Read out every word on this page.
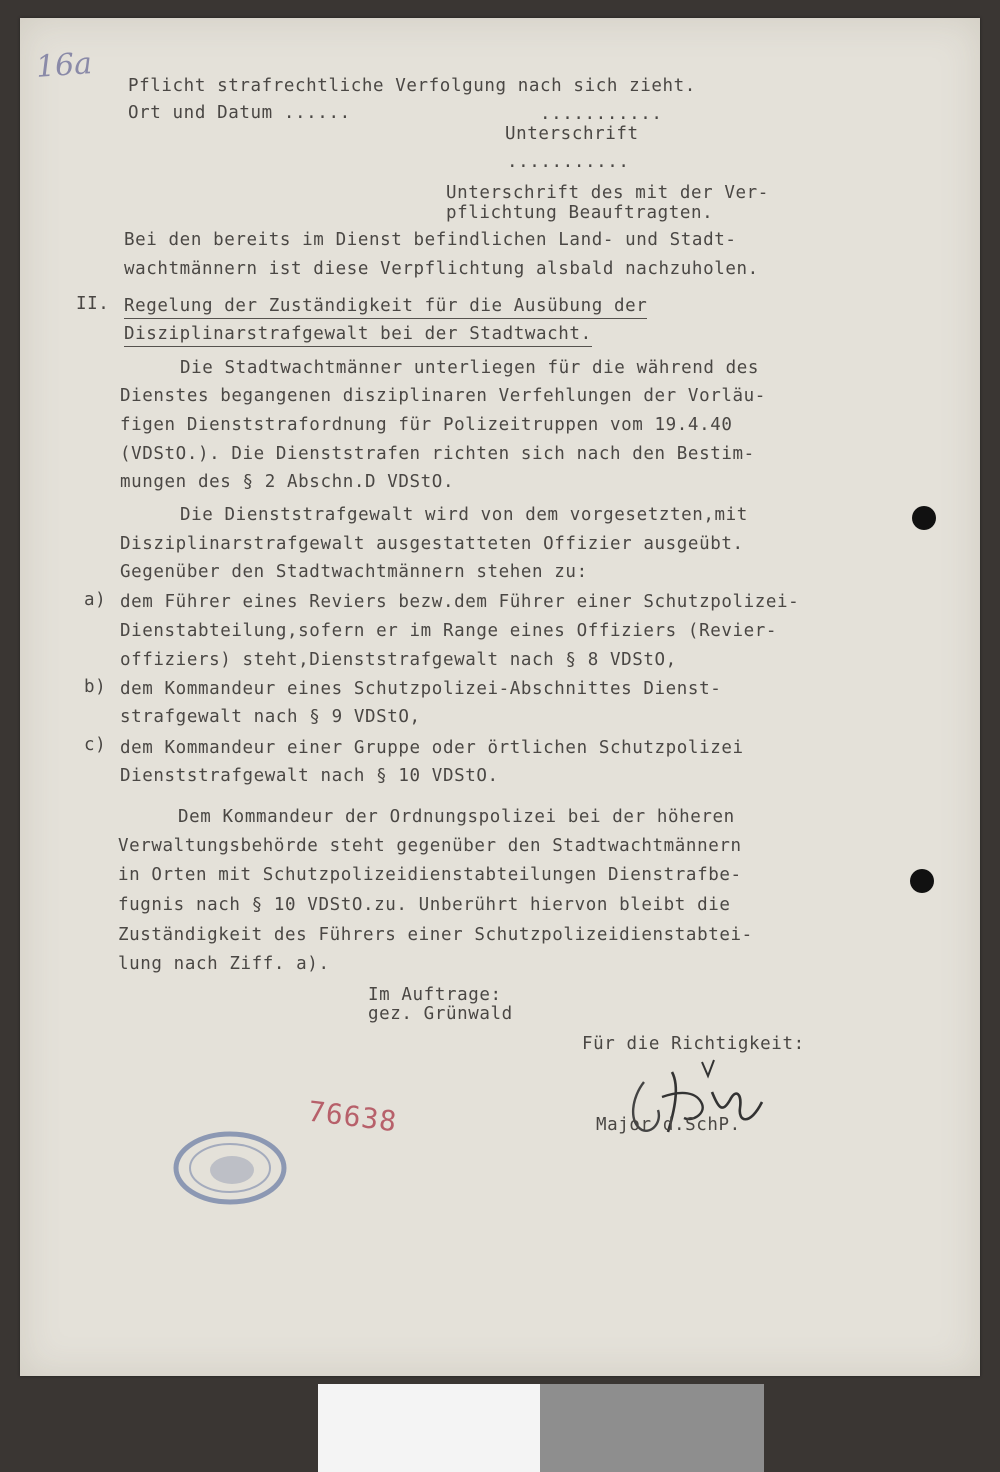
16a
Pflicht strafrechtliche Verfolgung nach sich zieht.
Ort und Datum ......	...........
Unterschrift
...........
Unterschrift des mit der Ver-
pflichtung Beauftragten.
Bei den bereits im Dienst befindlichen Land- und Stadt-
wachtmännern ist diese Verpflichtung alsbald nachzuholen.
II. Regelung der Zuständigkeit für die Ausübung der
Disziplinarstrafgewalt bei der Stadtwacht.
Die Stadtwachtmänner unterliegen für die während des
Dienstes begangenen disziplinaren Verfehlungen der Vorläu-
figen Dienststrafordnung für Polizeitruppen vom 19.4.40
(VDStO.). Die Dienststrafen richten sich nach den Bestim-
mungen des § 2 Abschn.D VDStO.
Die Dienststrafgewalt wird von dem vorgesetzten,mit
Disziplinarstrafgewalt ausgestatteten Offizier ausgeübt.
Gegenüber den Stadtwachtmännern stehen zu:
a) dem Führer eines Reviers bezw.dem Führer einer Schutzpolizei-
Dienstabteilung,sofern er im Range eines Offiziers (Revier-
offiziers) steht,Dienststrafgewalt nach § 8 VDStO,
b) dem Kommandeur eines Schutzpolizei-Abschnittes Dienst-
strafgewalt nach § 9 VDStO,
c) dem Kommandeur einer Gruppe oder örtlichen Schutzpolizei
Dienststrafgewalt nach § 10 VDStO.
Dem Kommandeur der Ordnungspolizei bei der höheren
Verwaltungsbehörde steht gegenüber den Stadtwachtmännern
in Orten mit Schutzpolizeidienstabteilungen Dienstrafbe-
fugnis nach § 10 VDStO.zu. Unberührt hiervon bleibt die
Zuständigkeit des Führers einer Schutzpolizeidienstabtei-
lung nach Ziff. a).
Im Auftrage:
gez. Grünwald
Für die Richtigkeit:
Major d.SchP.
76638
